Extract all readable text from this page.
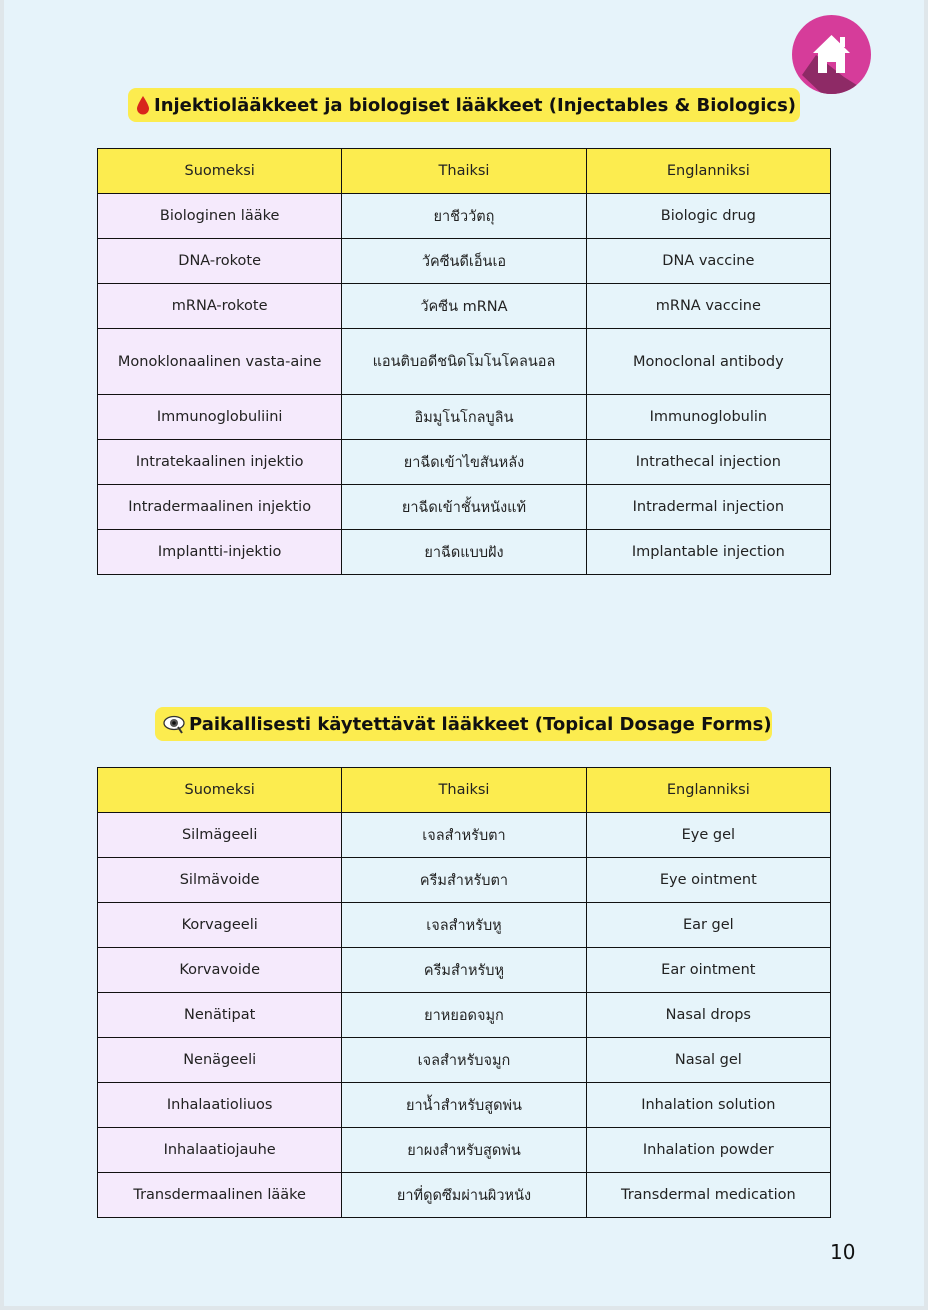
Injektiolääkkeet ja biologiset lääkkeet (Injectables & Biologics)
Suomeksi	Thaiksi	Englanniksi
Biologinen lääke	ยาชีววัตถุ	Biologic drug
DNA-rokote	วัคซีนดีเอ็นเอ	DNA vaccine
mRNA-rokote	วัคซีน mRNA	mRNA vaccine
Monoklonaalinen vasta-aine	แอนติบอดีชนิดโมโนโคลนอล	Monoclonal antibody
Immunoglobuliini	อิมมูโนโกลบูลิน	Immunoglobulin
Intratekaalinen injektio	ยาฉีดเข้าไขสันหลัง	Intrathecal injection
Intradermaalinen injektio	ยาฉีดเข้าชั้นหนังแท้	Intradermal injection
Implantti-injektio	ยาฉีดแบบฝัง	Implantable injection
Paikallisesti käytettävät lääkkeet (Topical Dosage Forms)
Suomeksi	Thaiksi	Englanniksi
Silmägeeli	เจลสำหรับตา	Eye gel
Silmävoide	ครีมสำหรับตา	Eye ointment
Korvageeli	เจลสำหรับหู	Ear gel
Korvavoide	ครีมสำหรับหู	Ear ointment
Nenätipat	ยาหยอดจมูก	Nasal drops
Nenägeeli	เจลสำหรับจมูก	Nasal gel
Inhalaatioliuos	ยาน้ำสำหรับสูดพ่น	Inhalation solution
Inhalaatiojauhe	ยาผงสำหรับสูดพ่น	Inhalation powder
Transdermaalinen lääke	ยาที่ดูดซึมผ่านผิวหนัง	Transdermal medication
10
